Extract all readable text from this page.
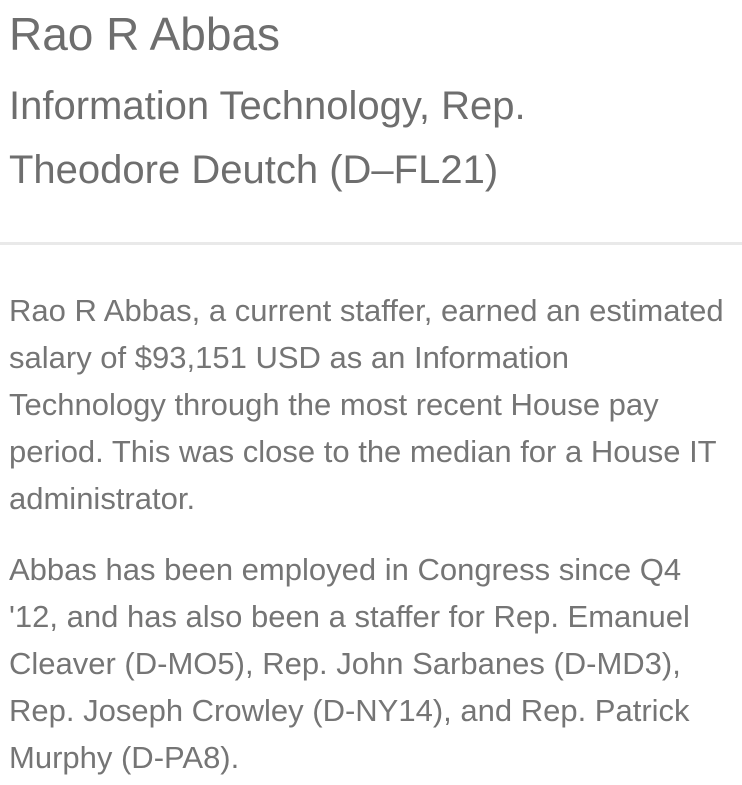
Rao R Abbas
Information Technology, Rep. Theodore Deutch (D–FL21)

Rao R Abbas, a current staffer, earned an estimated salary of $93,151 USD as an Information Technology through the most recent House pay period. This was close to the median for a House IT administrator.

Abbas has been employed in Congress since Q4 '12, and has also been a staffer for Rep. Emanuel Cleaver (D-MO5), Rep. John Sarbanes (D-MD3), Rep. Joseph Crowley (D-NY14), and Rep. Patrick Murphy (D-PA8).
